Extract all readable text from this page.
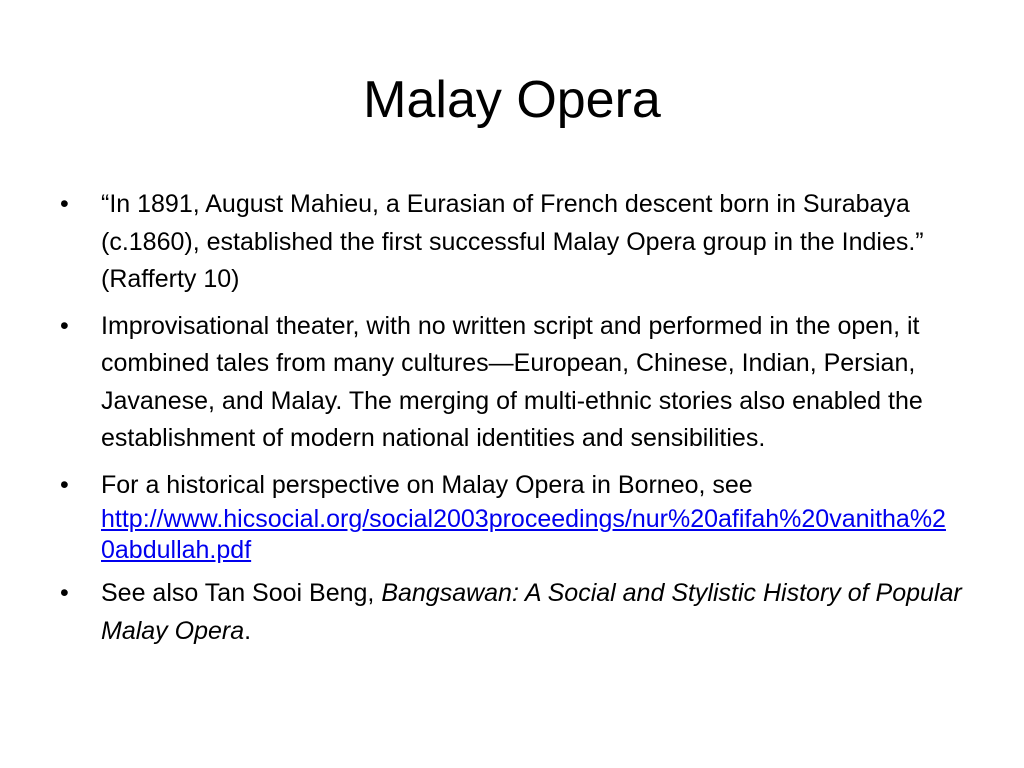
Malay Opera
•	“In 1891, August Mahieu, a Eurasian of French descent born in Surabaya (c.1860), established the first successful Malay Opera group in the Indies.” (Rafferty 10)
•	Improvisational theater, with no written script and performed in the open, it combined tales from many cultures—European, Chinese, Indian, Persian, Javanese, and Malay. The merging of multi-ethnic stories also enabled the establishment of modern national identities and sensibilities.
•	For a historical perspective on Malay Opera in Borneo, see
http://www.hicsocial.org/social2003proceedings/nur%20afifah%20vanitha%20abdullah.pdf
•	See also Tan Sooi Beng, Bangsawan: A Social and Stylistic History of Popular Malay Opera.
